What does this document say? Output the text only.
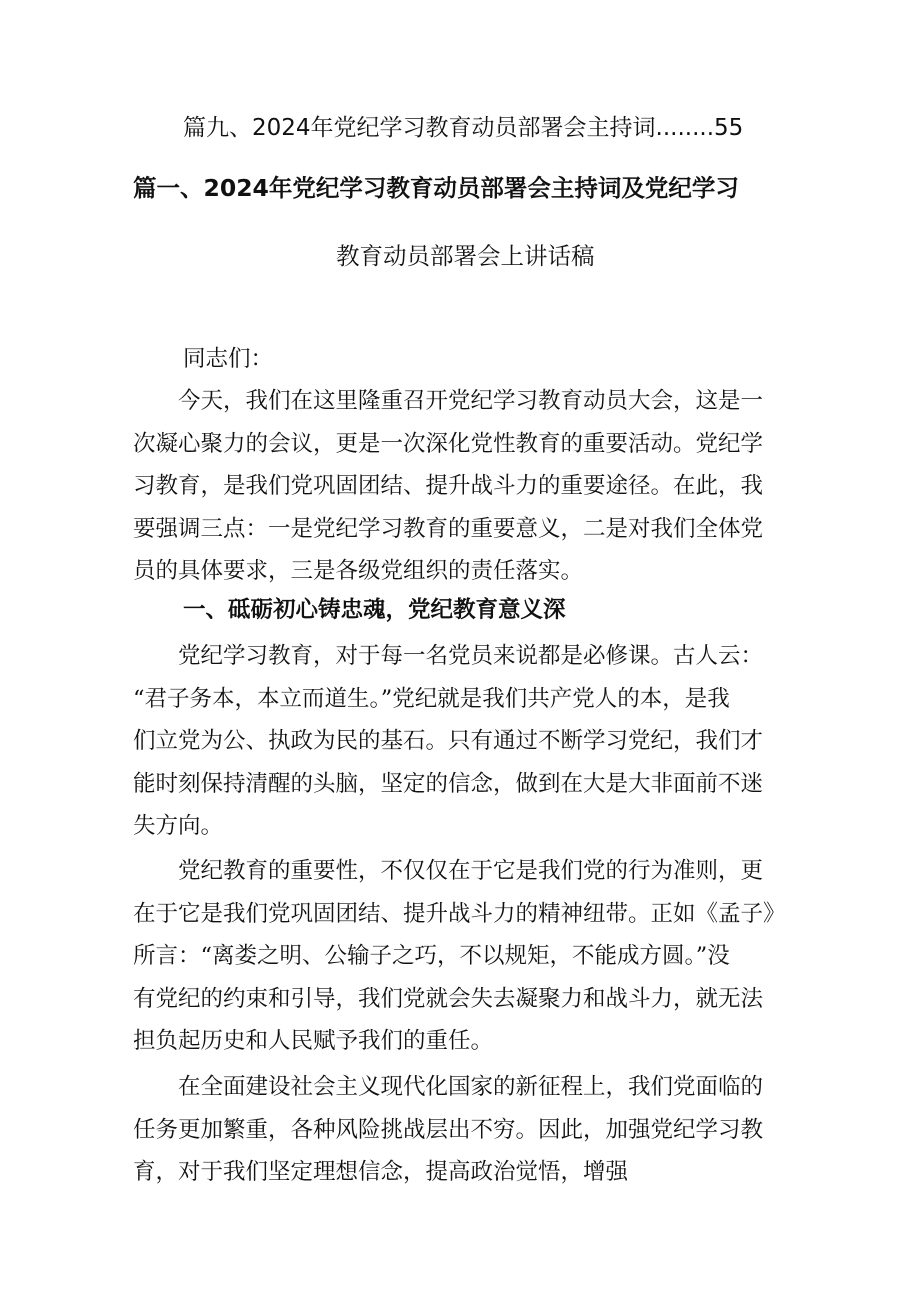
篇九、2024年党纪学习教育动员部署会主持词........55
篇一、2024年党纪学习教育动员部署会主持词及党纪学习
教育动员部署会上讲话稿
同志们：
　　今天，我们在这里隆重召开党纪学习教育动员大会，这是一
次凝心聚力的会议，更是一次深化党性教育的重要活动。党纪学
习教育，是我们党巩固团结、提升战斗力的重要途径。在此，我
要强调三点：一是党纪学习教育的重要意义，二是对我们全体党
员的具体要求，三是各级党组织的责任落实。
一、砥砺初心铸忠魂，党纪教育意义深
　　党纪学习教育，对于每一名党员来说都是必修课。古人云：
“君子务本，本立而道生。”党纪就是我们共产党人的本，是我
们立党为公、执政为民的基石。只有通过不断学习党纪，我们才
能时刻保持清醒的头脑，坚定的信念，做到在大是大非面前不迷
失方向。
　　党纪教育的重要性，不仅仅在于它是我们党的行为准则，更
在于它是我们党巩固团结、提升战斗力的精神纽带。正如《孟子》
所言：“离娄之明、公输子之巧，不以规矩，不能成方圆。”没
有党纪的约束和引导，我们党就会失去凝聚力和战斗力，就无法
担负起历史和人民赋予我们的重任。
　　在全面建设社会主义现代化国家的新征程上，我们党面临的
任务更加繁重，各种风险挑战层出不穷。因此，加强党纪学习教
育，对于我们坚定理想信念，提高政治觉悟，增强
